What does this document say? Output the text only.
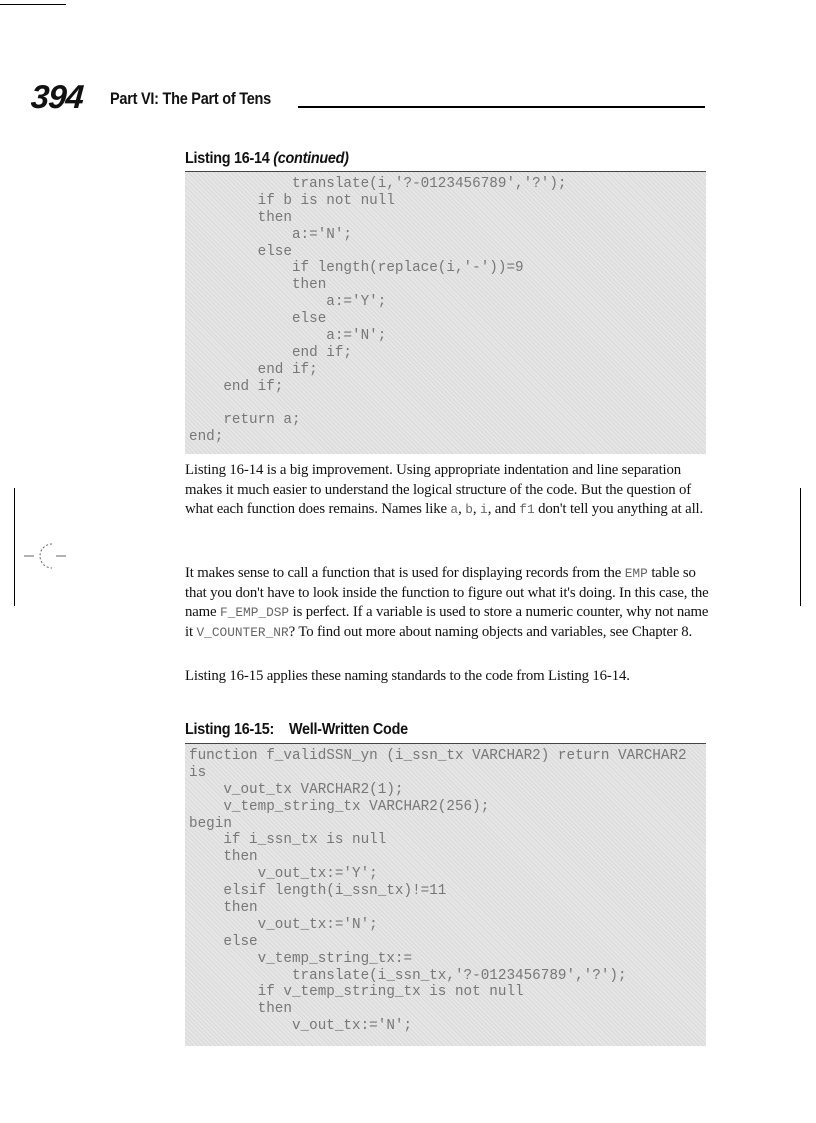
394 Part VI: The Part of Tens
Listing 16-14 (continued)
translate(i,'?-0123456789','?');
if b is not null
then
a:='N';
else
if length(replace(i,'-'))=9
then
a:='Y';
else
a:='N';
end if;
end if;
end if;
return a;
end;

Listing 16-14 is a big improvement. Using appropriate indentation and line separation makes it much easier to understand the logical structure of the code. But the question of what each function does remains. Names like a, b, i, and f1 don't tell you anything at all.

It makes sense to call a function that is used for displaying records from the EMP table so that you don't have to look inside the function to figure out what it's doing. In this case, the name F_EMP_DSP is perfect. If a variable is used to store a numeric counter, why not name it V_COUNTER_NR? To find out more about naming objects and variables, see Chapter 8.

Listing 16-15 applies these naming standards to the code from Listing 16-14.

Listing 16-15:    Well-Written Code
function f_validSSN_yn (i_ssn_tx VARCHAR2) return VARCHAR2
is
v_out_tx VARCHAR2(1);
v_temp_string_tx VARCHAR2(256);
begin
if i_ssn_tx is null
then
v_out_tx:='Y';
elsif length(i_ssn_tx)!=11
then
v_out_tx:='N';
else
v_temp_string_tx:=
translate(i_ssn_tx,'?-0123456789','?');
if v_temp_string_tx is not null
then
v_out_tx:='N';
